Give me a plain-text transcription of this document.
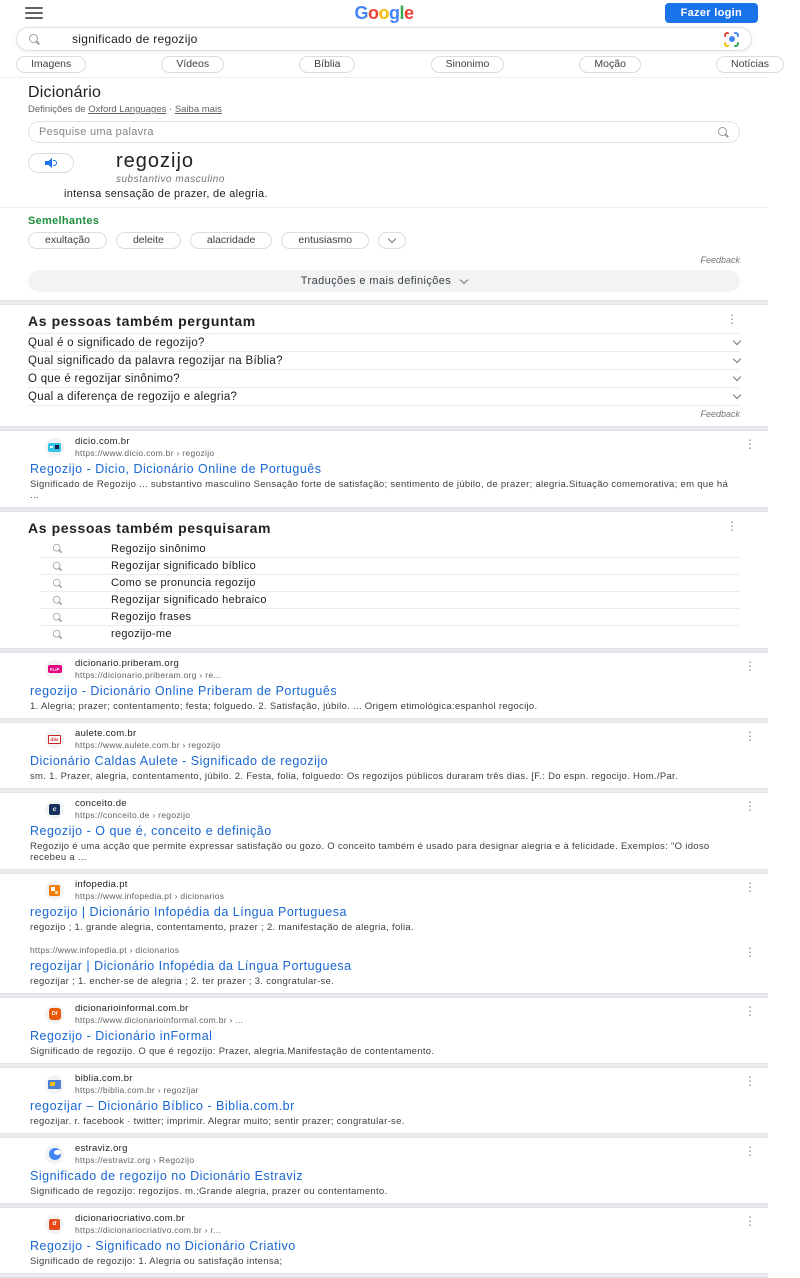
Google	Fazer login
significado de regozijo
Imagens	Vídeos	Bíblia	Sinonimo	Moção	Notícias
Dicionário
Definições de Oxford Languages · Saiba mais
Pesquise uma palavra
regozijo
substantivo masculino
intensa sensação de prazer, de alegria.
Semelhantes
exultação	deleite	alacridade	entusiasmo
Feedback
Traduções e mais definições
As pessoas também perguntam	⋮
Qual é o significado de regozijo?
Qual significado da palavra regozijar na Bíblia?
O que é regozijar sinônimo?
Qual a diferença de regozijo e alegria?
Feedback
dicio.com.br
https://www.dicio.com.br › regozijo
⋮
Regozijo - Dicio, Dicionário Online de Português
Significado de Regozijo ... substantivo masculino Sensação forte de satisfação; sentimento de júbilo, de prazer; alegria.Situação comemorativa; em que há ...
As pessoas também pesquisaram	⋮
Regozijo sinônimo
Regozijar significado bíblico
Como se pronuncia regozijo
Regozijar significado hebraico
Regozijo frases
regozijo-me
FLiP dicionario.priberam.org
https://dicionario.priberam.org › re...
⋮
regozijo - Dicionário Online Priberam de Português
1. Alegria; prazer; contentamento; festa; folguedo. 2. Satisfação, júbilo. ... Origem etimológica:espanhol regocijo.
iDic aulete.com.br
https://www.aulete.com.br › regozijo
⋮
Dicionário Caldas Aulete - Significado de regozijo
sm. 1. Prazer, alegria, contentamento, júbilo. 2. Festa, folia, folguedo: Os regozijos públicos duraram três dias. [F.: Do espn. regocijo. Hom./Par.
c	conceito.de
https://conceito.de › regozijo
⋮
Regozijo - O que é, conceito e definição
Regozijo é uma acção que permite expressar satisfação ou gozo. O conceito também é usado para designar alegria e à felicidade. Exemplos: "O idoso recebeu a ...
infopedia.pt
https://www.infopedia.pt › dicionarios
⋮
regozijo | Dicionário Infopédia da Língua Portuguesa
regozijo ; 1. grande alegria, contentamento, prazer ; 2. manifestação de alegria, folia.
https://www.infopedia.pt › dicionarios	⋮
regozijar | Dicionário Infopédia da Língua Portuguesa
regozijar ; 1. encher-se de alegria ; 2. ter prazer ; 3. congratular-se.
DI	dicionarioinformal.com.br
https://www.dicionarioinformal.com.br › ...
⋮
Regozijo - Dicionário inFormal
Significado de regozijo. O que é regozijo: Prazer, alegria.Manifestação de contentamento.
biblia.com.br
https://biblia.com.br › regozijar
⋮
regozijar – Dicionário Bíblico - Biblia.com.br
regozijar. r. facebook · twitter; imprimir. Alegrar muito; sentir prazer; congratular-se.
estraviz.org
https://estraviz.org › Regozijo
⋮
Significado de regozijo no Dicionário Estraviz
Significado de regozijo: regozijos. m.;Grande alegria, prazer ou contentamento.
d	dicionariocriativo.com.br
https://dicionariocriativo.com.br › r...
⋮
Regozijo - Significado no Dicionário Criativo
Significado de regozijo: 1. Alegria ou satisfação intensa;
